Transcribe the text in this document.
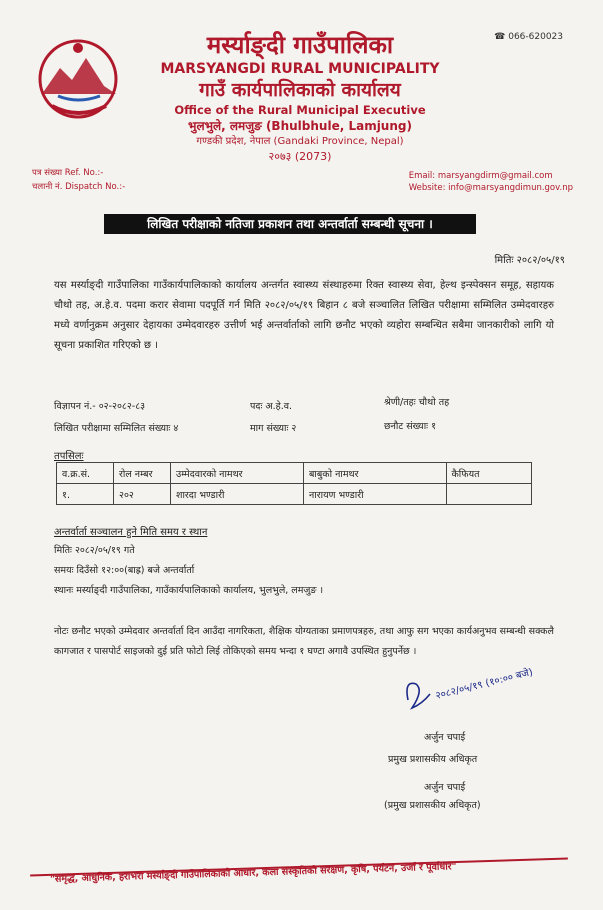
☎ 066-620023
मर्स्याङ्दी गाउँपालिका
MARSYANGDI RURAL MUNICIPALITY
गाउँ कार्यपालिकाको कार्यालय
Office of the Rural Municipal Executive
भुलभुले, लमजुङ (Bhulbhule, Lamjung)
गण्डकी प्रदेश, नेपाल (Gandaki Province, Nepal)
२०७३ (2073)
पत्र संख्या Ref. No.:-
चलानी नं. Dispatch No.:-
Email: marsyangdirm@gmail.com
Website: info@marsyangdimun.gov.np
लिखित परीक्षाको नतिजा प्रकाशन तथा अन्तर्वार्ता सम्बन्धी सूचना ।
मितिः २०८२/०५/१९
यस मर्स्याङ्दी गाउँपालिका गाउँकार्यपालिकाको कार्यालय अन्तर्गत स्वास्थ्य संस्थाहरुमा रिक्त स्वास्थ्य सेवा, हेल्थ इन्स्पेक्सन समूह, सहायक चौथो तह, अ.हे.व. पदमा करार सेवामा पदपूर्ति गर्न मिति २०८२/०५/१९ बिहान ८ बजे सञ्चालित लिखित परीक्षामा सम्मिलित उम्मेदवारहरु मध्ये वर्णानुक्रम अनुसार देहायका उम्मेदवारहरु उत्तीर्ण भई अन्तर्वार्ताको लागि छनौट भएको व्यहोरा सम्बन्धित सबैमा जानकारीको लागि यो सूचना प्रकाशित गरिएको छ ।
विज्ञापन नं.- ०२-२०८२-८३	पदः अ.हे.व.	श्रेणी/तहः चौथो तह
लिखित परीक्षामा सम्मिलित संख्याः ४	माग संख्याः २	छनौट संख्याः १
तपसिलः
व.क्र.सं.	रोल नम्बर	उम्मेदवारको नामथर	बाबुको नामथर	कैफियत
१.	२०२	शारदा भण्डारी	नारायण भण्डारी	
अन्तर्वार्ता सञ्चालन हुने मिति समय र स्थान
मितिः २०८२/०५/१९ गते
समयः दिउँसो १२:००(बाह्र) बजे अन्तर्वार्ता
स्थानः मर्स्याङ्दी गाउँपालिका, गाउँकार्यपालिकाको कार्यालय, भुलभुले, लमजुङ ।
नोटः छनौट भएको उम्मेदवार अन्तर्वार्ता दिन आउँदा नागरिकता, शैक्षिक योग्यताका प्रमाणपत्रहरु, तथा आफु सग भएका कार्यअनुभव सम्बन्धी सक्कलै कागजात र पासपोर्ट साइजको दुई प्रति फोटो लिई तोकिएको समय भन्दा १ घण्टा अगावै उपस्थित हुनुपर्नेछ ।
२०८२/०५/१९ (१०:०० बजे)
अर्जुन चपाई
प्रमुख प्रशासकीय अधिकृत
अर्जुन चपाई
(प्रमुख प्रशासकीय अधिकृत)
"समृद्ध, आधुनिक, हराभरा मर्स्याङ्दी गाउँपालिकाको आधार, कला संस्कृतिको संरक्षण, कृषि, पर्यटन, उर्जा र पूर्वाधार"
